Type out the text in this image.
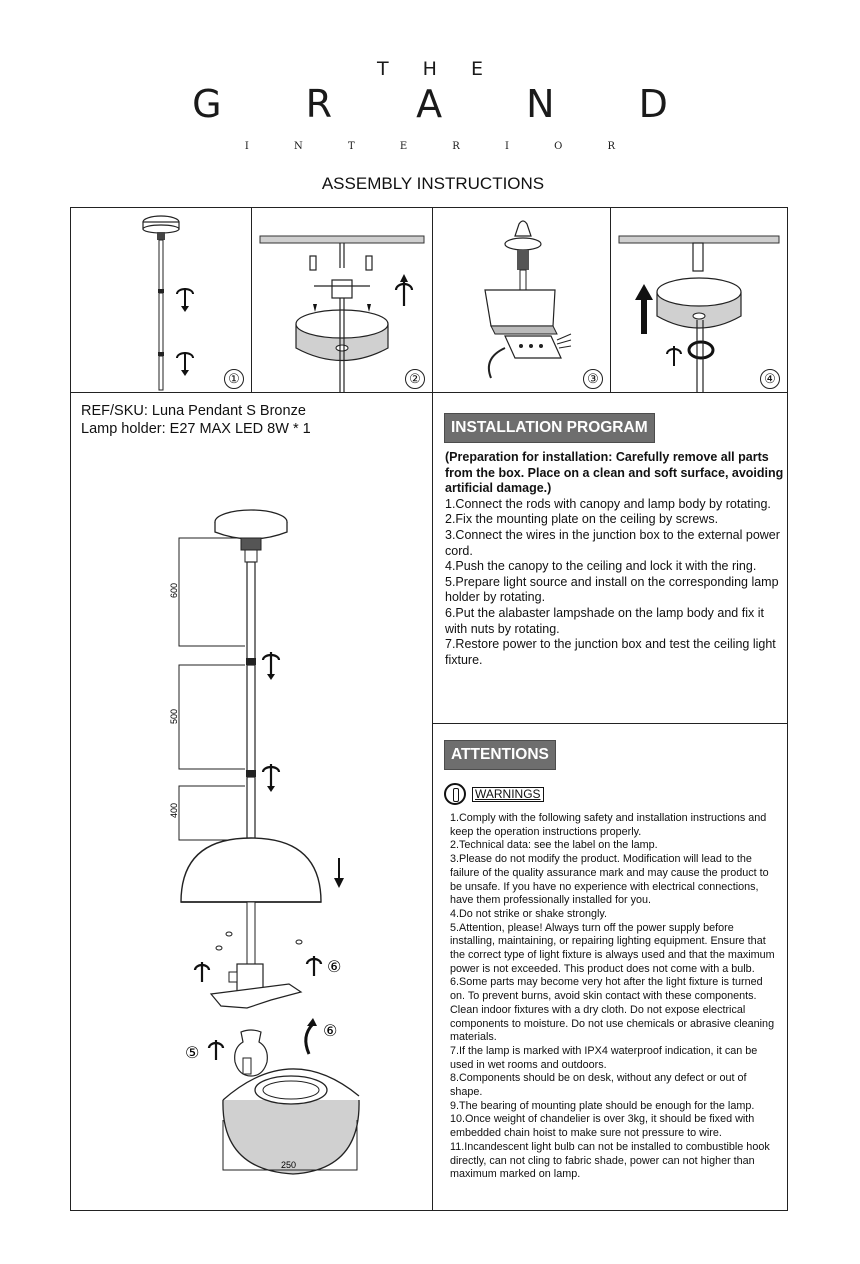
T H E
G R A N D
I N T E R I O R
ASSEMBLY INSTRUCTIONS
①	②	③	④
REF/SKU: Luna Pendant S Bronze
Lamp holder: E27 MAX LED 8W * 1
600
500
400
⑥
⑥
⑤
250
INSTALLATION PROGRAM
(Preparation for installation: Carefully remove all parts from the box. Place on a clean and soft surface, avoiding artificial damage.)
1.Connect the rods with canopy and lamp body by rotating.
2.Fix the mounting plate on the ceiling by screws.
3.Connect the wires in the junction box to the external power cord.
4.Push the canopy to the ceiling and lock it with the ring.
5.Prepare light source and install on the corresponding lamp holder by rotating.
6.Put the alabaster lampshade on the lamp body and fix it with nuts by rotating.
7.Restore power to the junction box and test the ceiling light fixture.
ATTENTIONS
WARNINGS
1.Comply with the following safety and installation instructions and keep the operation instructions properly.
2.Technical data: see the label on the lamp.
3.Please do not modify the product. Modification will lead to the failure of the quality assurance mark and may cause the product to be unsafe. If you have no experience with electrical connections, have them professionally installed for you.
4.Do not strike or shake strongly.
5.Attention, please! Always turn off the power supply before installing, maintaining, or repairing lighting equipment. Ensure that the correct type of light fixture is always used and that the maximum power is not exceeded. This product does not come with a bulb.
6.Some parts may become very hot after the light fixture is turned on. To prevent burns, avoid skin contact with these components. Clean indoor fixtures with a dry cloth. Do not expose electrical components to moisture. Do not use chemicals or abrasive cleaning materials.
7.If the lamp is marked with IPX4 waterproof indication, it can be used in wet rooms and outdoors.
8.Components should be on desk, without any defect or out of shape.
9.The bearing of mounting plate should be enough for the lamp.
10.Once weight of chandelier is over 3kg, it should be fixed with embedded chain hoist to make sure not pressure to wire.
11.Incandescent light bulb can not be installed to combustible hook directly, can not cling to fabric shade, power can not higher than maximum marked on lamp.
